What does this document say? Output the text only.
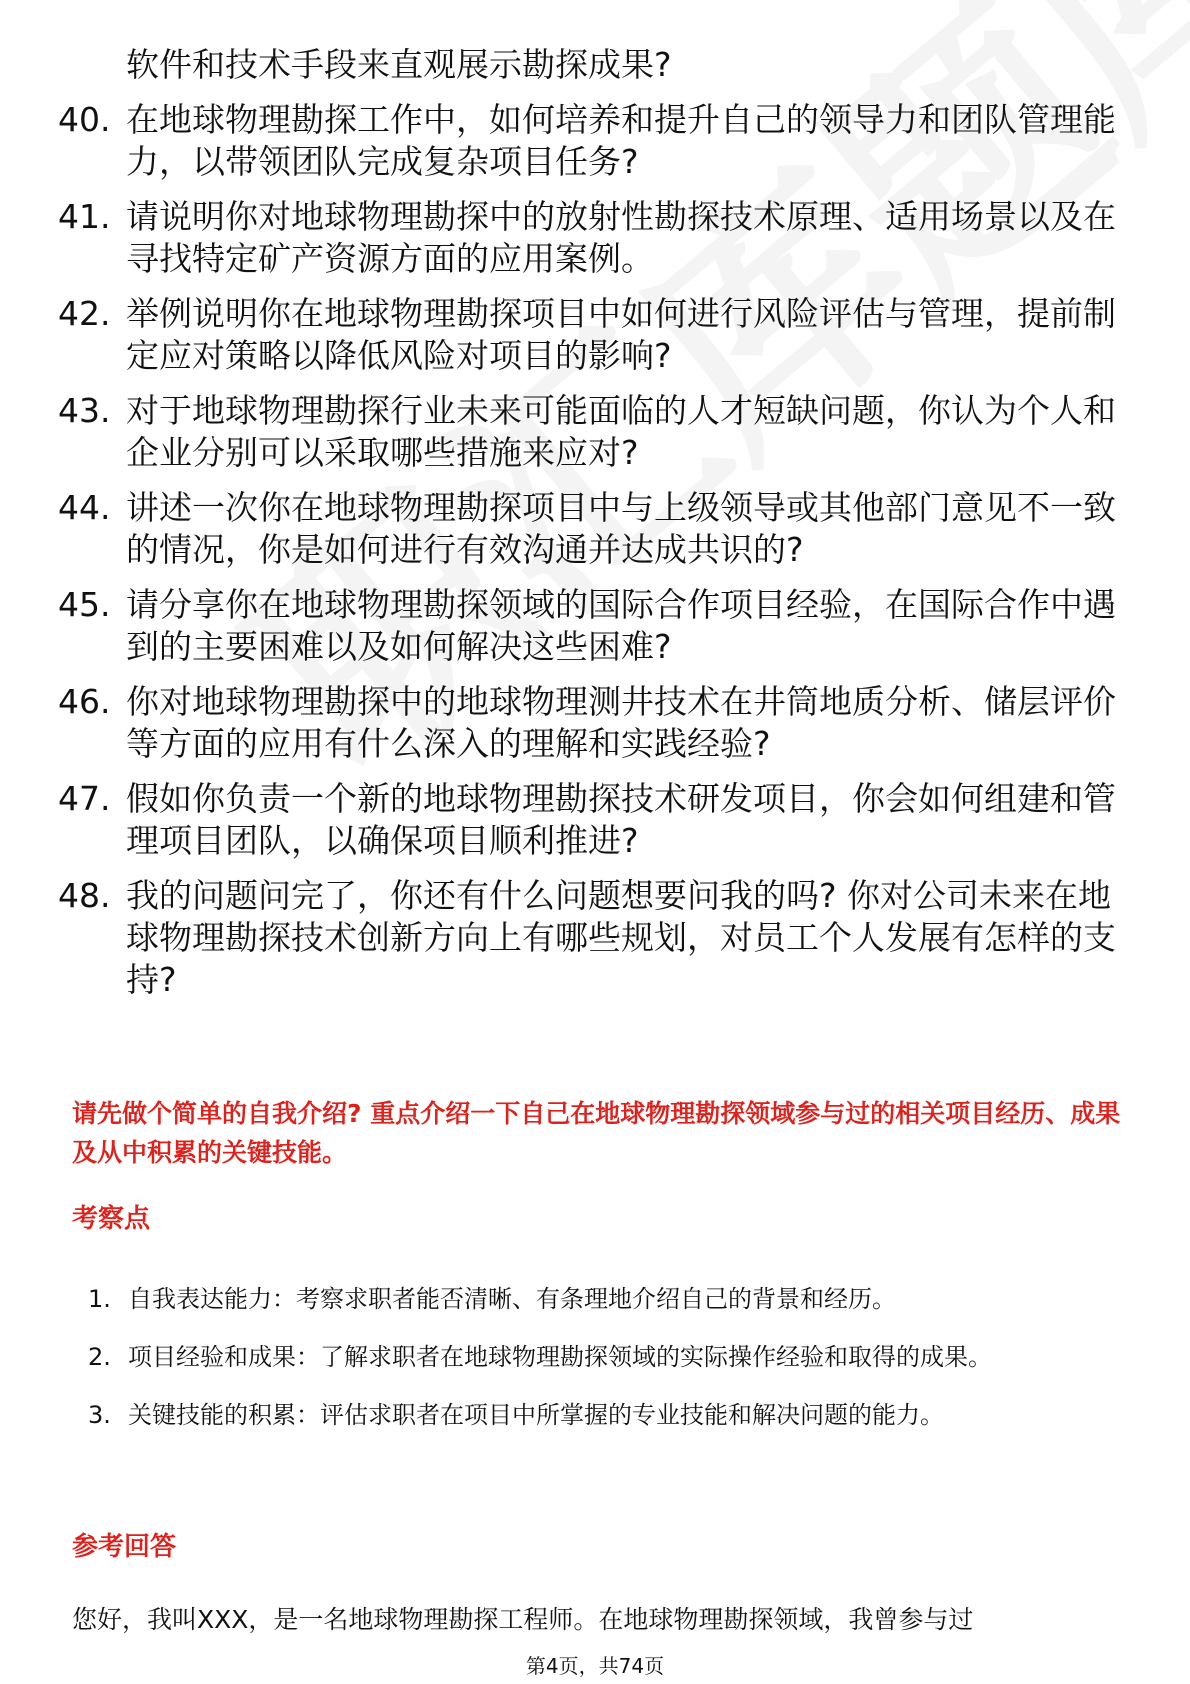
软件和技术手段来直观展示勘探成果?
40. 在地球物理勘探工作中，如何培养和提升自己的领导力和团队管理能力，以带领团队完成复杂项目任务?
41. 请说明你对地球物理勘探中的放射性勘探技术原理、适用场景以及在寻找特定矿产资源方面的应用案例。
42. 举例说明你在地球物理勘探项目中如何进行风险评估与管理，提前制定应对策略以降低风险对项目的影响?
43. 对于地球物理勘探行业未来可能面临的人才短缺问题，你认为个人和企业分别可以采取哪些措施来应对?
44. 讲述一次你在地球物理勘探项目中与上级领导或其他部门意见不一致的情况，你是如何进行有效沟通并达成共识的?
45. 请分享你在地球物理勘探领域的国际合作项目经验，在国际合作中遇到的主要困难以及如何解决这些困难?
46. 你对地球物理勘探中的地球物理测井技术在井筒地质分析、储层评价等方面的应用有什么深入的理解和实践经验?
47. 假如你负责一个新的地球物理勘探技术研发项目，你会如何组建和管理项目团队，以确保项目顺利推进?
48. 我的问题问完了，你还有什么问题想要问我的吗? 你对公司未来在地球物理勘探技术创新方向上有哪些规划，对员工个人发展有怎样的支持?
请先做个简单的自我介绍? 重点介绍一下自己在地球物理勘探领域参与过的相关项目经历、成果及从中积累的关键技能。
考察点
1. 自我表达能力：考察求职者能否清晰、有条理地介绍自己的背景和经历。
2. 项目经验和成果：了解求职者在地球物理勘探领域的实际操作经验和取得的成果。
3. 关键技能的积累：评估求职者在项目中所掌握的专业技能和解决问题的能力。
参考回答
您好，我叫XXX，是一名地球物理勘探工程师。在地球物理勘探领域，我曾参与过
第4页，共74页
